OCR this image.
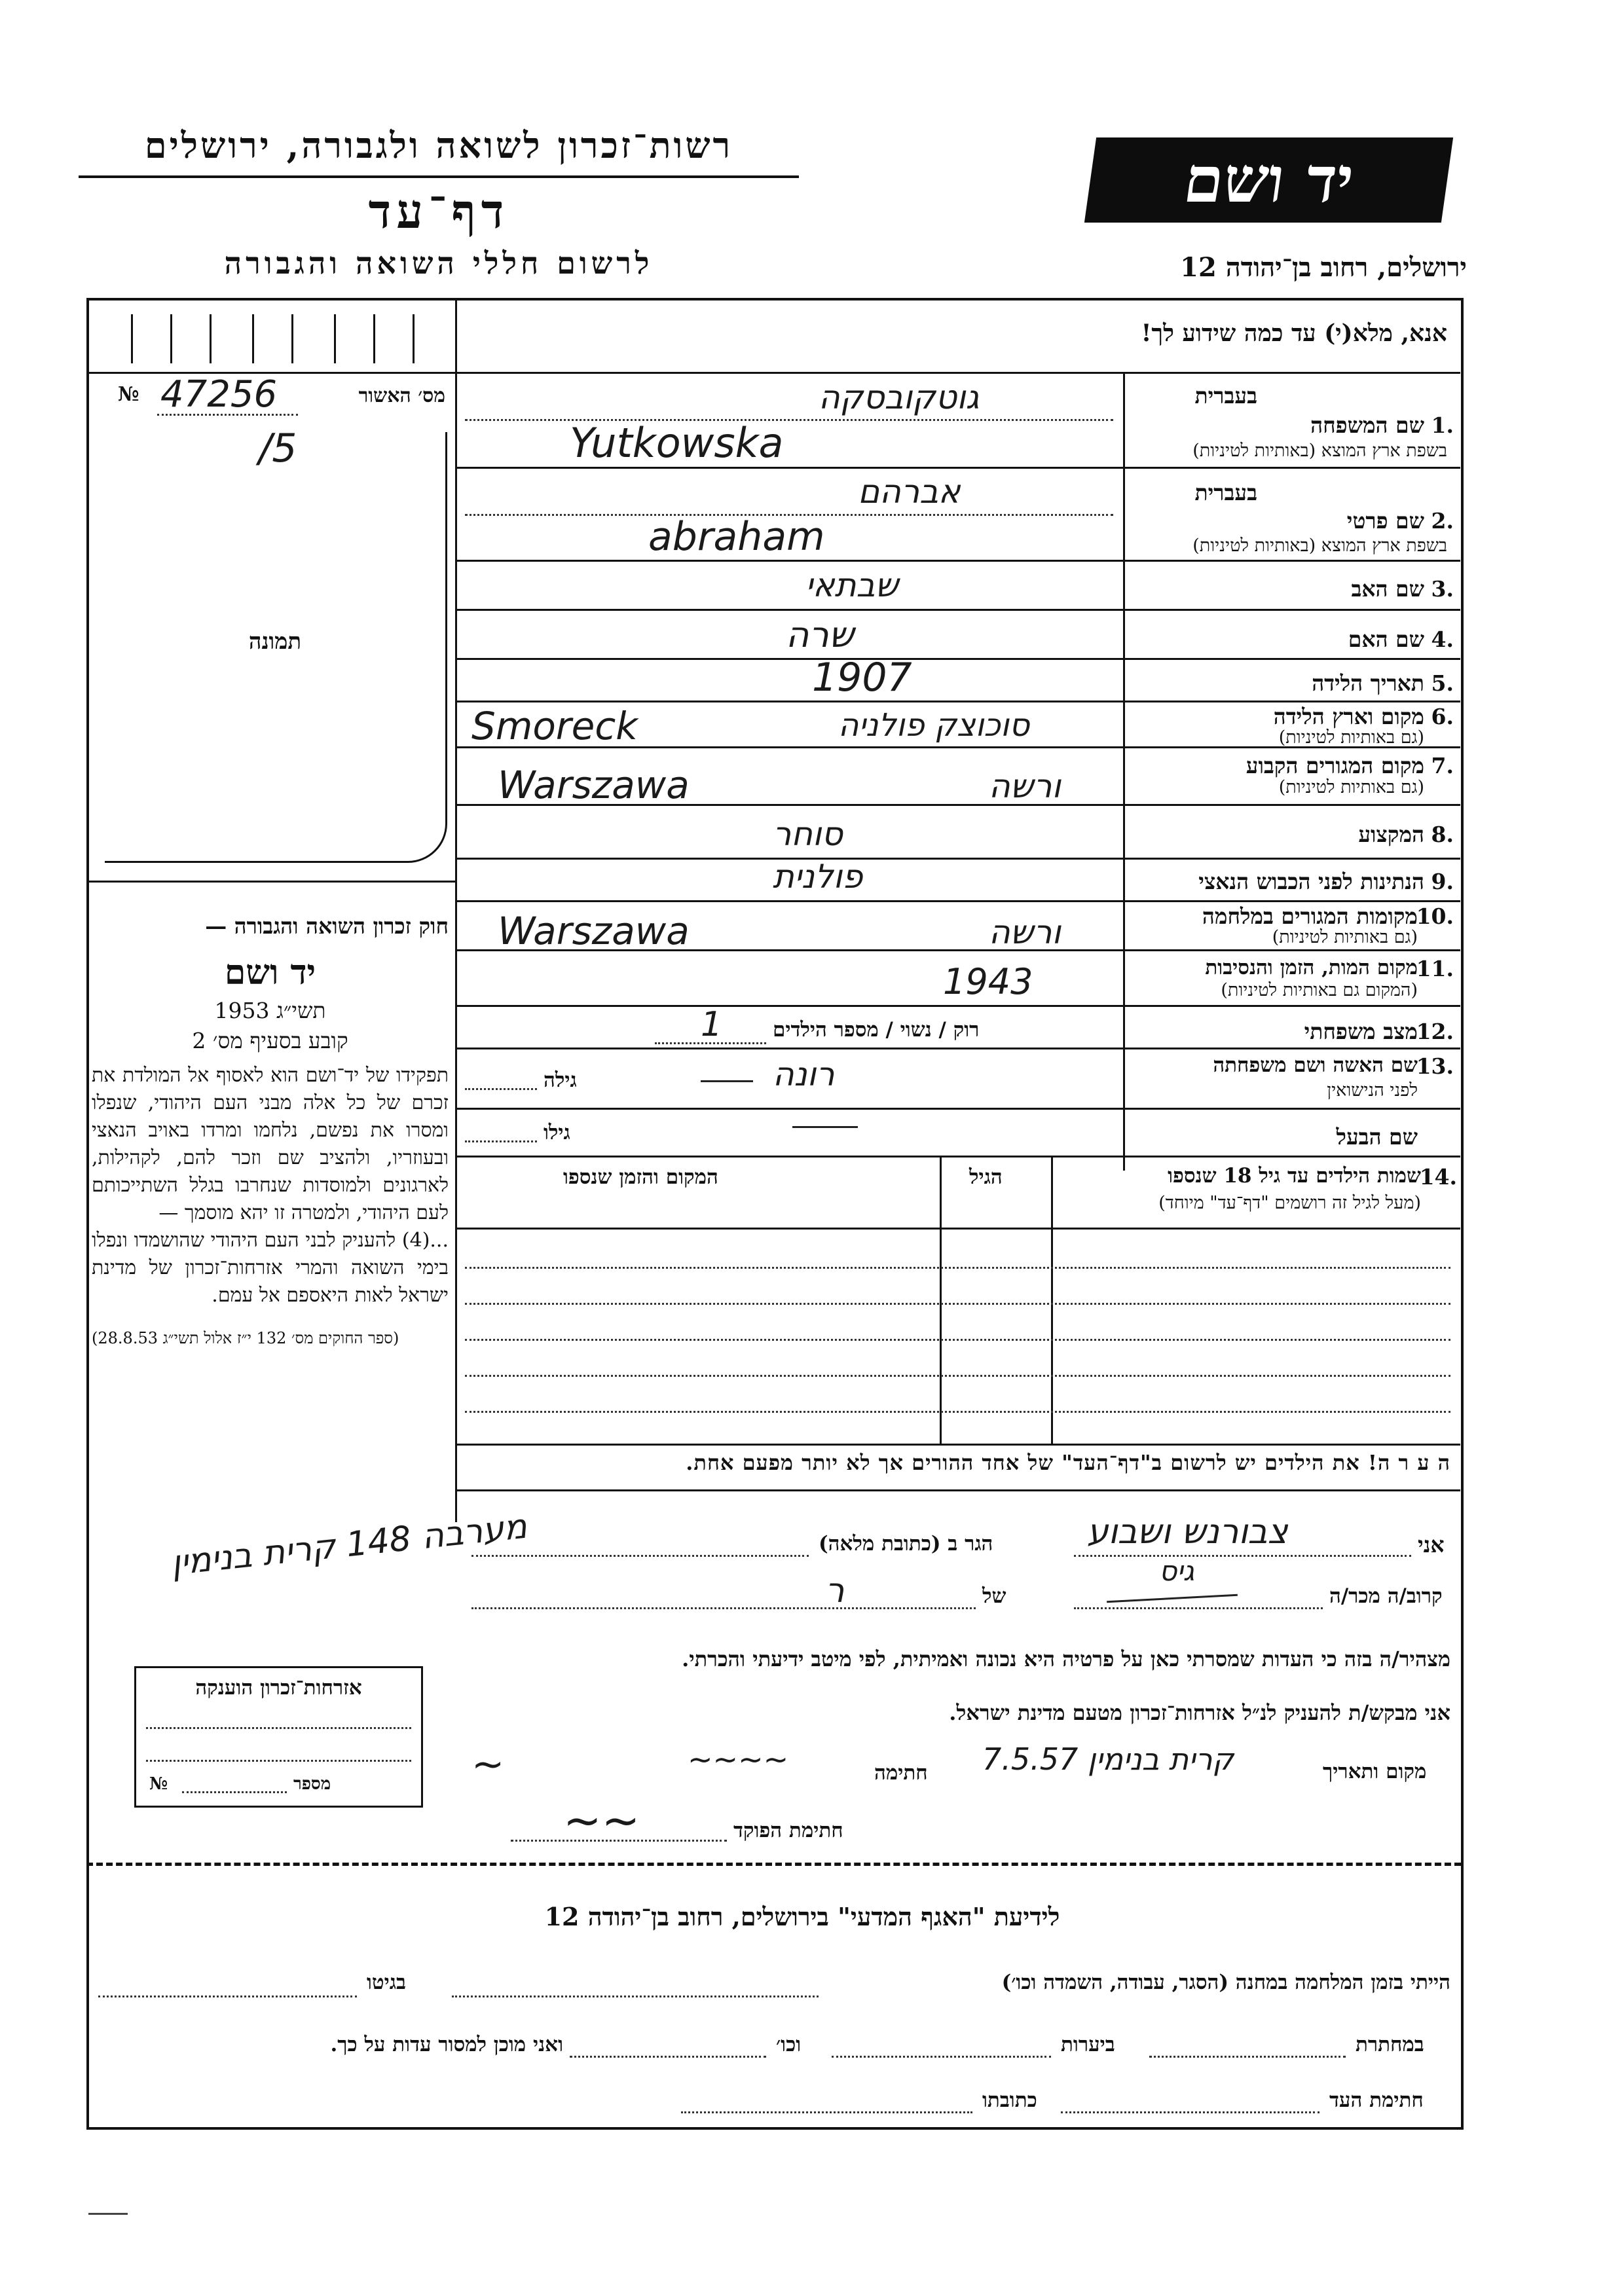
רשות־זכרון לשואה ולגבורה, ירושלים
דף־עד
לרשום חללי השואה והגבורה
יד ושם
ירושלים, רחוב בן־יהודה 12
אנא, מלא(י) עד כמה שידוע לך!
№ 47256	מס׳ האשור
/5
תמונה
חוק זכרון השואה והגבורה —
יד ושם
תשי״ג 1953
קובע בסעיף מס׳ 2
תפקידו של יד־ושם הוא לאסוף אל המולדת את זכרם של כל אלה מבני העם היהודי, שנפלו ומסרו את נפשם, נלחמו ומרדו באויב הנאצי ובעוזריו, ולהציב שם וזכר להם, לקהילות, לארגונים ולמוסדות שנחרבו בגלל השתייכותם לעם היהודי, ולמטרה זו יהא מוסמך —
...(4) להעניק לבני העם היהודי שהושמדו ונפלו בימי השואה והמרי אזרחות־זכרון של מדינת ישראל לאות היאספם אל עמם.
(ספר החוקים מס׳ 132 י״ז אלול תשי״ג 28.8.53)
בעברית
1.
שם המשפחה
בשפת ארץ המוצא (באותיות לטיניות)
גוטקובסקה
Yutkowska
בעברית
2.
שם פרטי
בשפת ארץ המוצא (באותיות לטיניות)
אברהם
abraham
3.
שם האב
שבתאי
4.
שם האם
שרה
5.
תאריך הלידה
1907
6.
מקום וארץ הלידה
(גם באותיות לטיניות)
Smoreck	סוכוצק פולניה
7.
מקום המגורים הקבוע
(גם באותיות לטיניות)
Warszawa	ורשה
8.
המקצוע
סוחר
9.
הנתינות לפני הכבוש הנאצי
פולנית
10.
מקומות המגורים במלחמה
(גם באותיות לטיניות)
Warszawa	ורשה
11.
מקום המות, הזמן והנסיבות
(המקום גם באותיות לטיניות)
1943
12.
מצב משפחתי
רוק / נשוי / מספר הילדים
1
13.
שם האשה ושם משפחתה
לפני הנישואין
רונה
גילה
שם הבעל
גילו
14.
שמות הילדים עד גיל 18 שנספו
(מעל לגיל זה רושמים "דף־עד" מיוחד)
הגיל
המקום והזמן שנספו
ה ע ר ה! את הילדים יש לרשום ב"דף־העד" של אחד ההורים אך לא יותר מפעם אחת.
אני
צבורנש ושבוע
הגר ב (כתובת מלאה)
מערבה 148 קרית בנימין
קרוב/ה מכר/ה
גיס
של
ר
מצהיר/ה בזה כי העדות שמסרתי כאן על פרטיה היא נכונה ואמיתית, לפי מיטב ידיעתי והכרתי.
אני מבקש/ת להעניק לנ״ל אזרחות־זכרון מטעם מדינת ישראל.
מקום ותאריך
קרית בנימין 7.5.57
חתימה
~~~~
~
חתימת הפוקד
~~
אזרחות־זכרון הוענקה
№	מספר
לידיעת "האגף המדעי" בירושלים, רחוב בן־יהודה 12
הייתי בזמן המלחמה במחנה (הסגר, עבודה, השמדה וכו׳)
בגיטו
במחתרת
ביערות
וכו׳
ואני מוכן למסור עדות על כך.
חתימת העד
כתובתו
